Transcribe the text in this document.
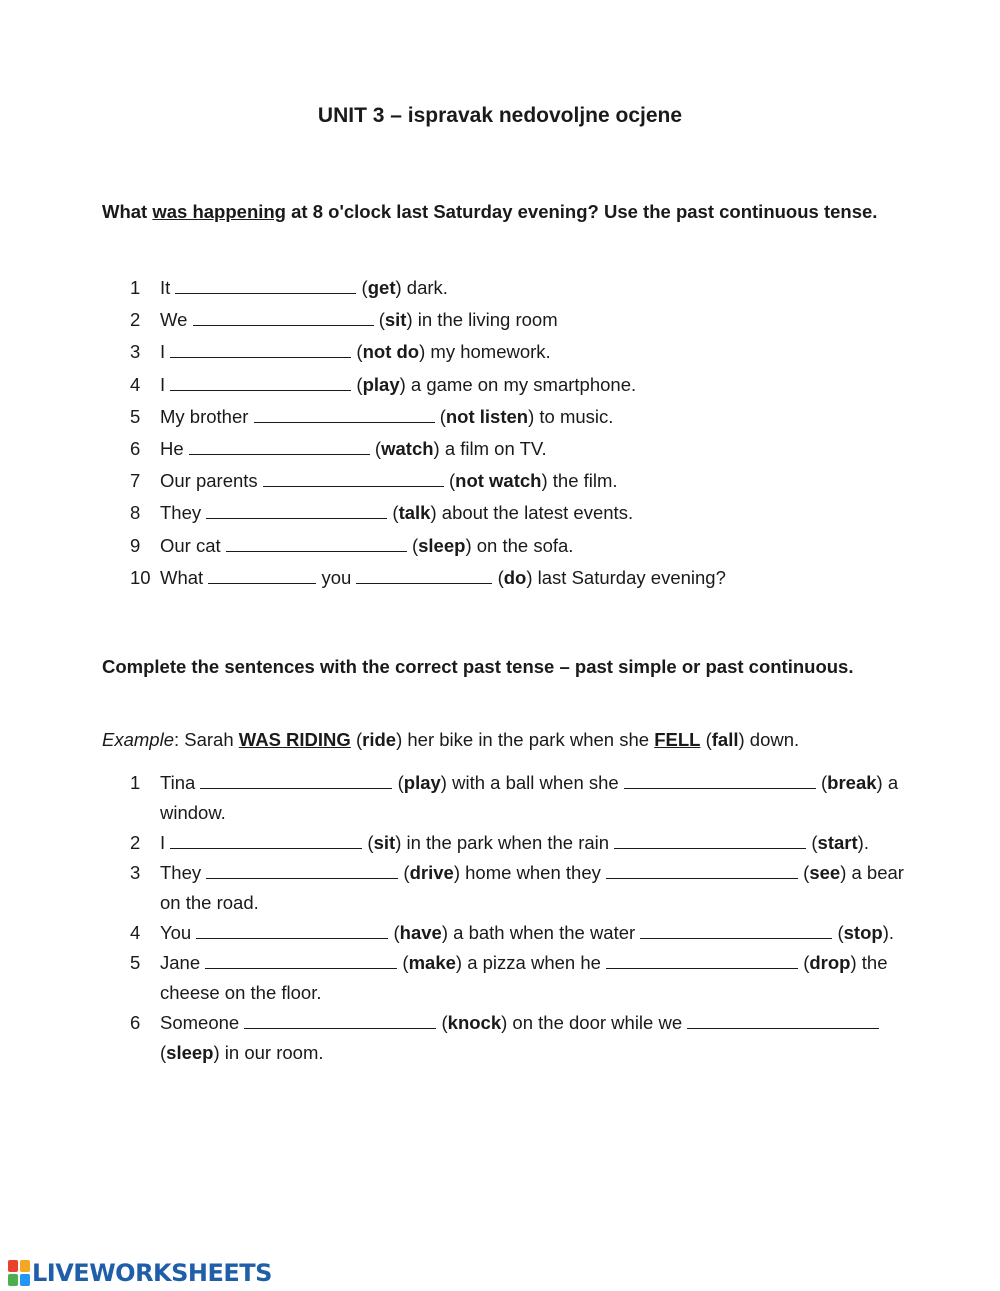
UNIT 3 – ispravak nedovoljne ocjene
What was happening at 8 o'clock last Saturday evening? Use the past continuous tense.
1	It	(get) dark.
2	We	(sit) in the living room
3	I	(not do) my homework.
4	I	(play) a game on my smartphone.
5	My brother	(not listen) to music.
6	He	(watch) a film on TV.
7	Our parents	(not watch) the film.
8	They	(talk) about the latest events.
9	Our cat	(sleep) on the sofa.
10 What	you	(do) last Saturday evening?
Complete the sentences with the correct past tense – past simple or past continuous.
Example: Sarah WAS RIDING (ride) her bike in the park when she FELL (fall) down.
1	Tina	(play) with a ball when she	(break) a window.
2	I	(sit) in the park when the rain	(start).
3	They	(drive) home when they	(see) a bear on the road.
4	You	(have) a bath when the water	(stop).
5	Jane	(make) a pizza when he	(drop) the cheese on the floor.
6	Someone	(knock) on the door while we  (sleep) in our room.
LIVEWORKSHEETS
